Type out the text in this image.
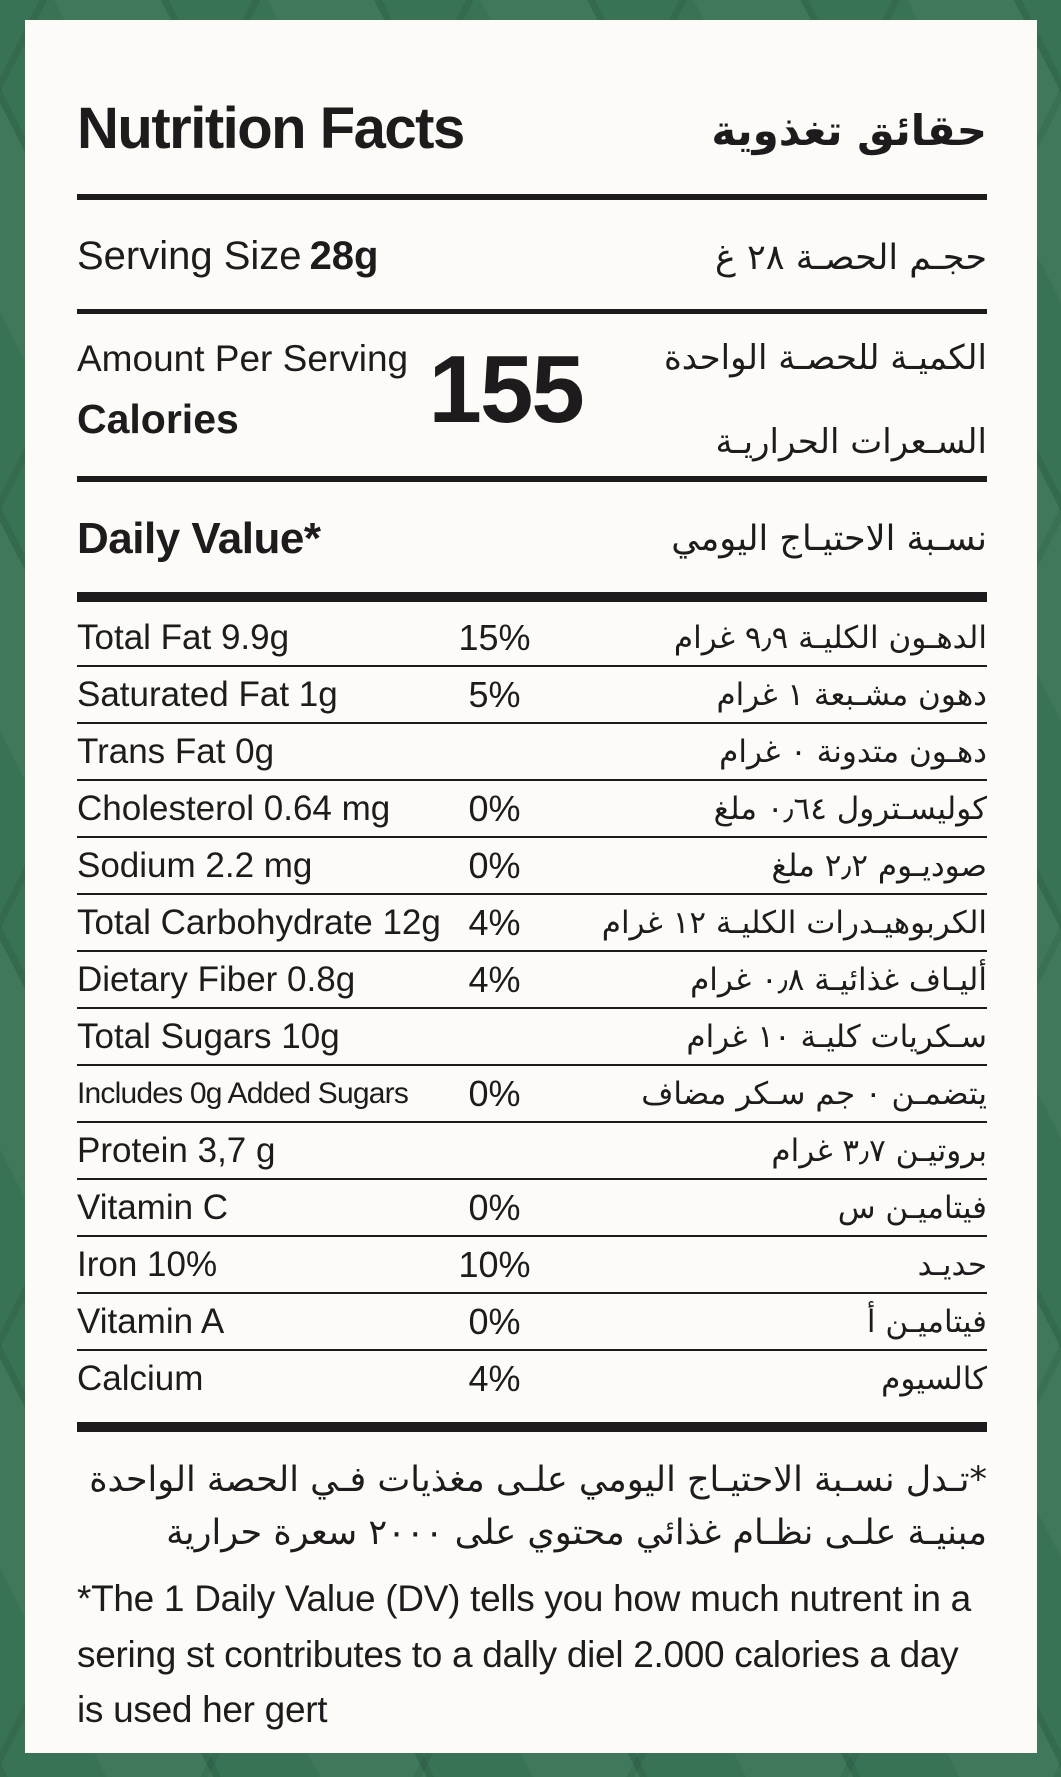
Nutrition Facts	حقائق تغذوية
Serving Size 28g	حجـم الحصـة ٢٨ غ
Amount Per Serving
Calories	155	الكميـة للحصـة الواحدة
السـعرات الحراريـة
Daily Value*	نسـبة الاحتيـاج اليومي
Total Fat 9.9g	15%	الدهـون الكليـة ٩٫٩ غرام
Saturated Fat 1g	5%	دهون مشـبعة ١ غرام
Trans Fat 0g	دهـون متدونة ٠ غرام
Cholesterol 0.64 mg	0%	كوليسـترول ٠٫٦٤ ملغ
Sodium 2.2 mg	0%	صوديـوم ٢٫٢ ملغ
Total Carbohydrate 12g 4%	الكربوهيـدرات الكليـة ١٢ غرام
Dietary Fiber 0.8g	4%	أليـاف غذائيـة ٠٫٨ غرام
Total Sugars 10g	سـكريات كليـة ١٠ غرام
Includes 0g Added Sugars	0%	يتضمـن ٠ جم سـكر مضاف
Protein 3,7 g	بروتيـن ٣٫٧ غرام
Vitamin C	0%	فيتاميـن س
Iron 10%	10%	حديـد
Vitamin A	0%	فيتاميـن أ
Calcium	4%	كالسيوم
*تـدل نسـبة الاحتيـاج اليومي علـى مغذيات فـي الحصة الواحدة مبنيـة علـى نظـام غذائي محتوي على ٢٠٠٠ سعرة حرارية
*The 1 Daily Value (DV) tells you how much nutrent in a sering st contributes to a dally diel 2.000 calories a day is used her gert
